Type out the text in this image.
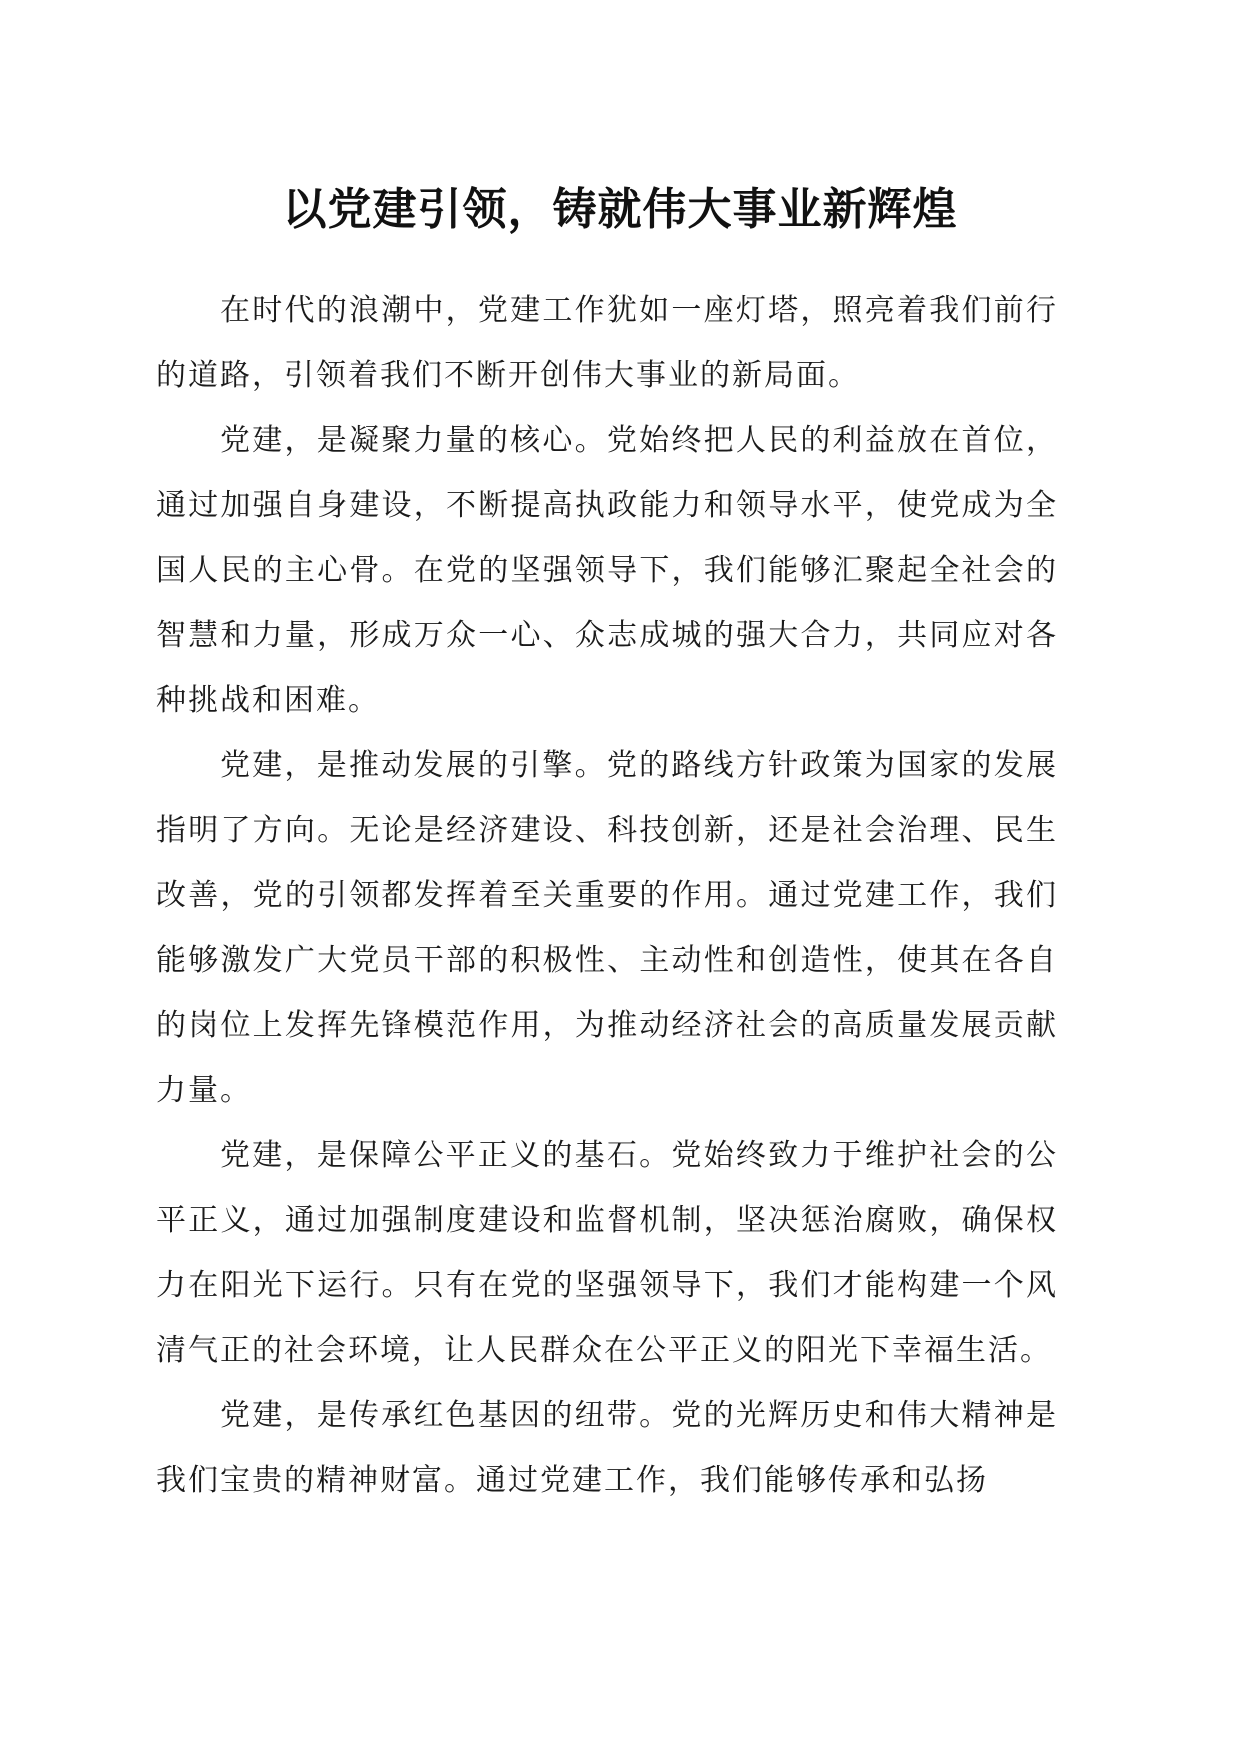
以党建引领，铸就伟大事业新辉煌

在时代的浪潮中，党建工作犹如一座灯塔，照亮着我们前行的道路，引领着我们不断开创伟大事业的新局面。

党建，是凝聚力量的核心。党始终把人民的利益放在首位，通过加强自身建设，不断提高执政能力和领导水平，使党成为全国人民的主心骨。在党的坚强领导下，我们能够汇聚起全社会的智慧和力量，形成万众一心、众志成城的强大合力，共同应对各种挑战和困难。

党建，是推动发展的引擎。党的路线方针政策为国家的发展指明了方向。无论是经济建设、科技创新，还是社会治理、民生改善，党的引领都发挥着至关重要的作用。通过党建工作，我们能够激发广大党员干部的积极性、主动性和创造性，使其在各自的岗位上发挥先锋模范作用，为推动经济社会的高质量发展贡献力量。

党建，是保障公平正义的基石。党始终致力于维护社会的公平正义，通过加强制度建设和监督机制，坚决惩治腐败，确保权力在阳光下运行。只有在党的坚强领导下，我们才能构建一个风清气正的社会环境，让人民群众在公平正义的阳光下幸福生活。

党建，是传承红色基因的纽带。党的光辉历史和伟大精神是我们宝贵的精神财富。通过党建工作，我们能够传承和弘扬
